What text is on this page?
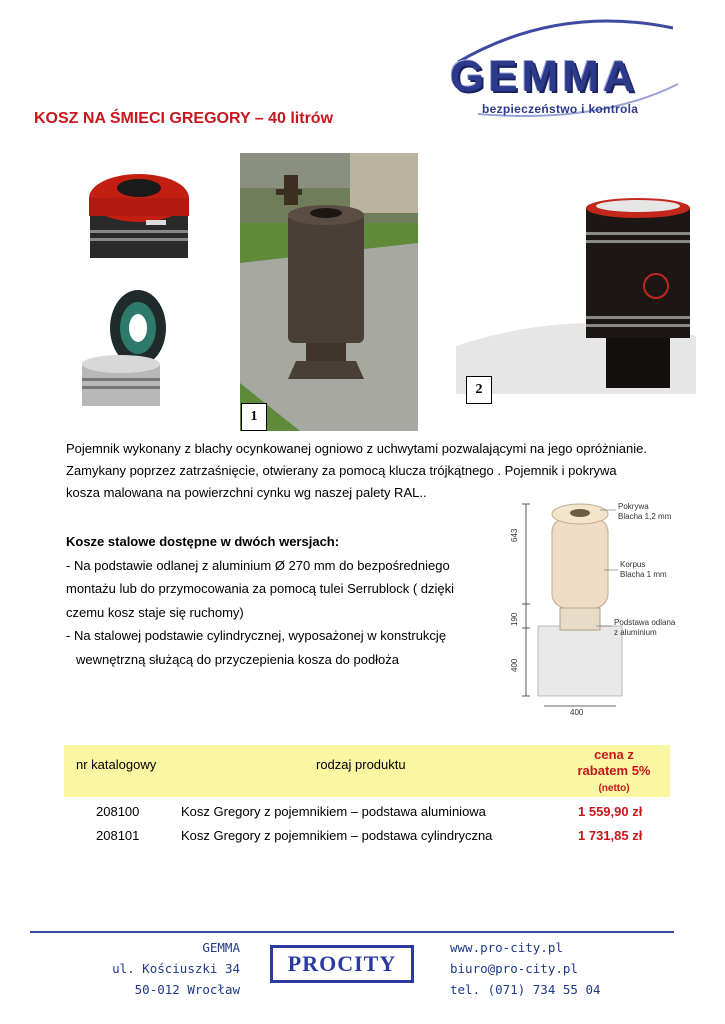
GEMMA
bezpieczeństwo i kontrola
KOSZ NA ŚMIECI GREGORY – 40 litrów
1
2

Pojemnik wykonany z blachy ocynkowanej ogniowo z uchwytami pozwalającymi na jego opróżnianie.

Zamykany poprzez zatrzaśnięcie, otwierany za pomocą klucza trójkątnego . Pojemnik i pokrywa

kosza malowana na powierzchni cynku wg naszej palety RAL..

Kosze stalowe dostępne w dwóch wersjach:

- Na podstawie odlanej z aluminium Ø 270 mm do bezpośredniego

montażu lub do przymocowania za pomocą tulei Serrublock ( dzięki

czemu kosz staje się ruchomy)

- Na stalowej podstawie cylindrycznej, wyposażonej w konstrukcję

wewnętrzną służącą do przyczepienia kosza do podłoża

643
190
400
400
Pokrywa
Blacha 1,2 mm
Korpus
Blacha 1 mm
Podstawa odlana
z aluminium
nr katalogowy	rodzaj produktu
cena z
rabatem 5%
(netto)
208100	Kosz Gregory z pojemnikiem – podstawa aluminiowa	1 559,90 zł
208101	Kosz Gregory z pojemnikiem – podstawa cylindryczna	1 731,85 zł
GEMMA
ul. Kościuszki 34
50-012 Wrocław
PROCITY
www.pro-city.pl
biuro@pro-city.pl
tel. (071) 734 55 04
